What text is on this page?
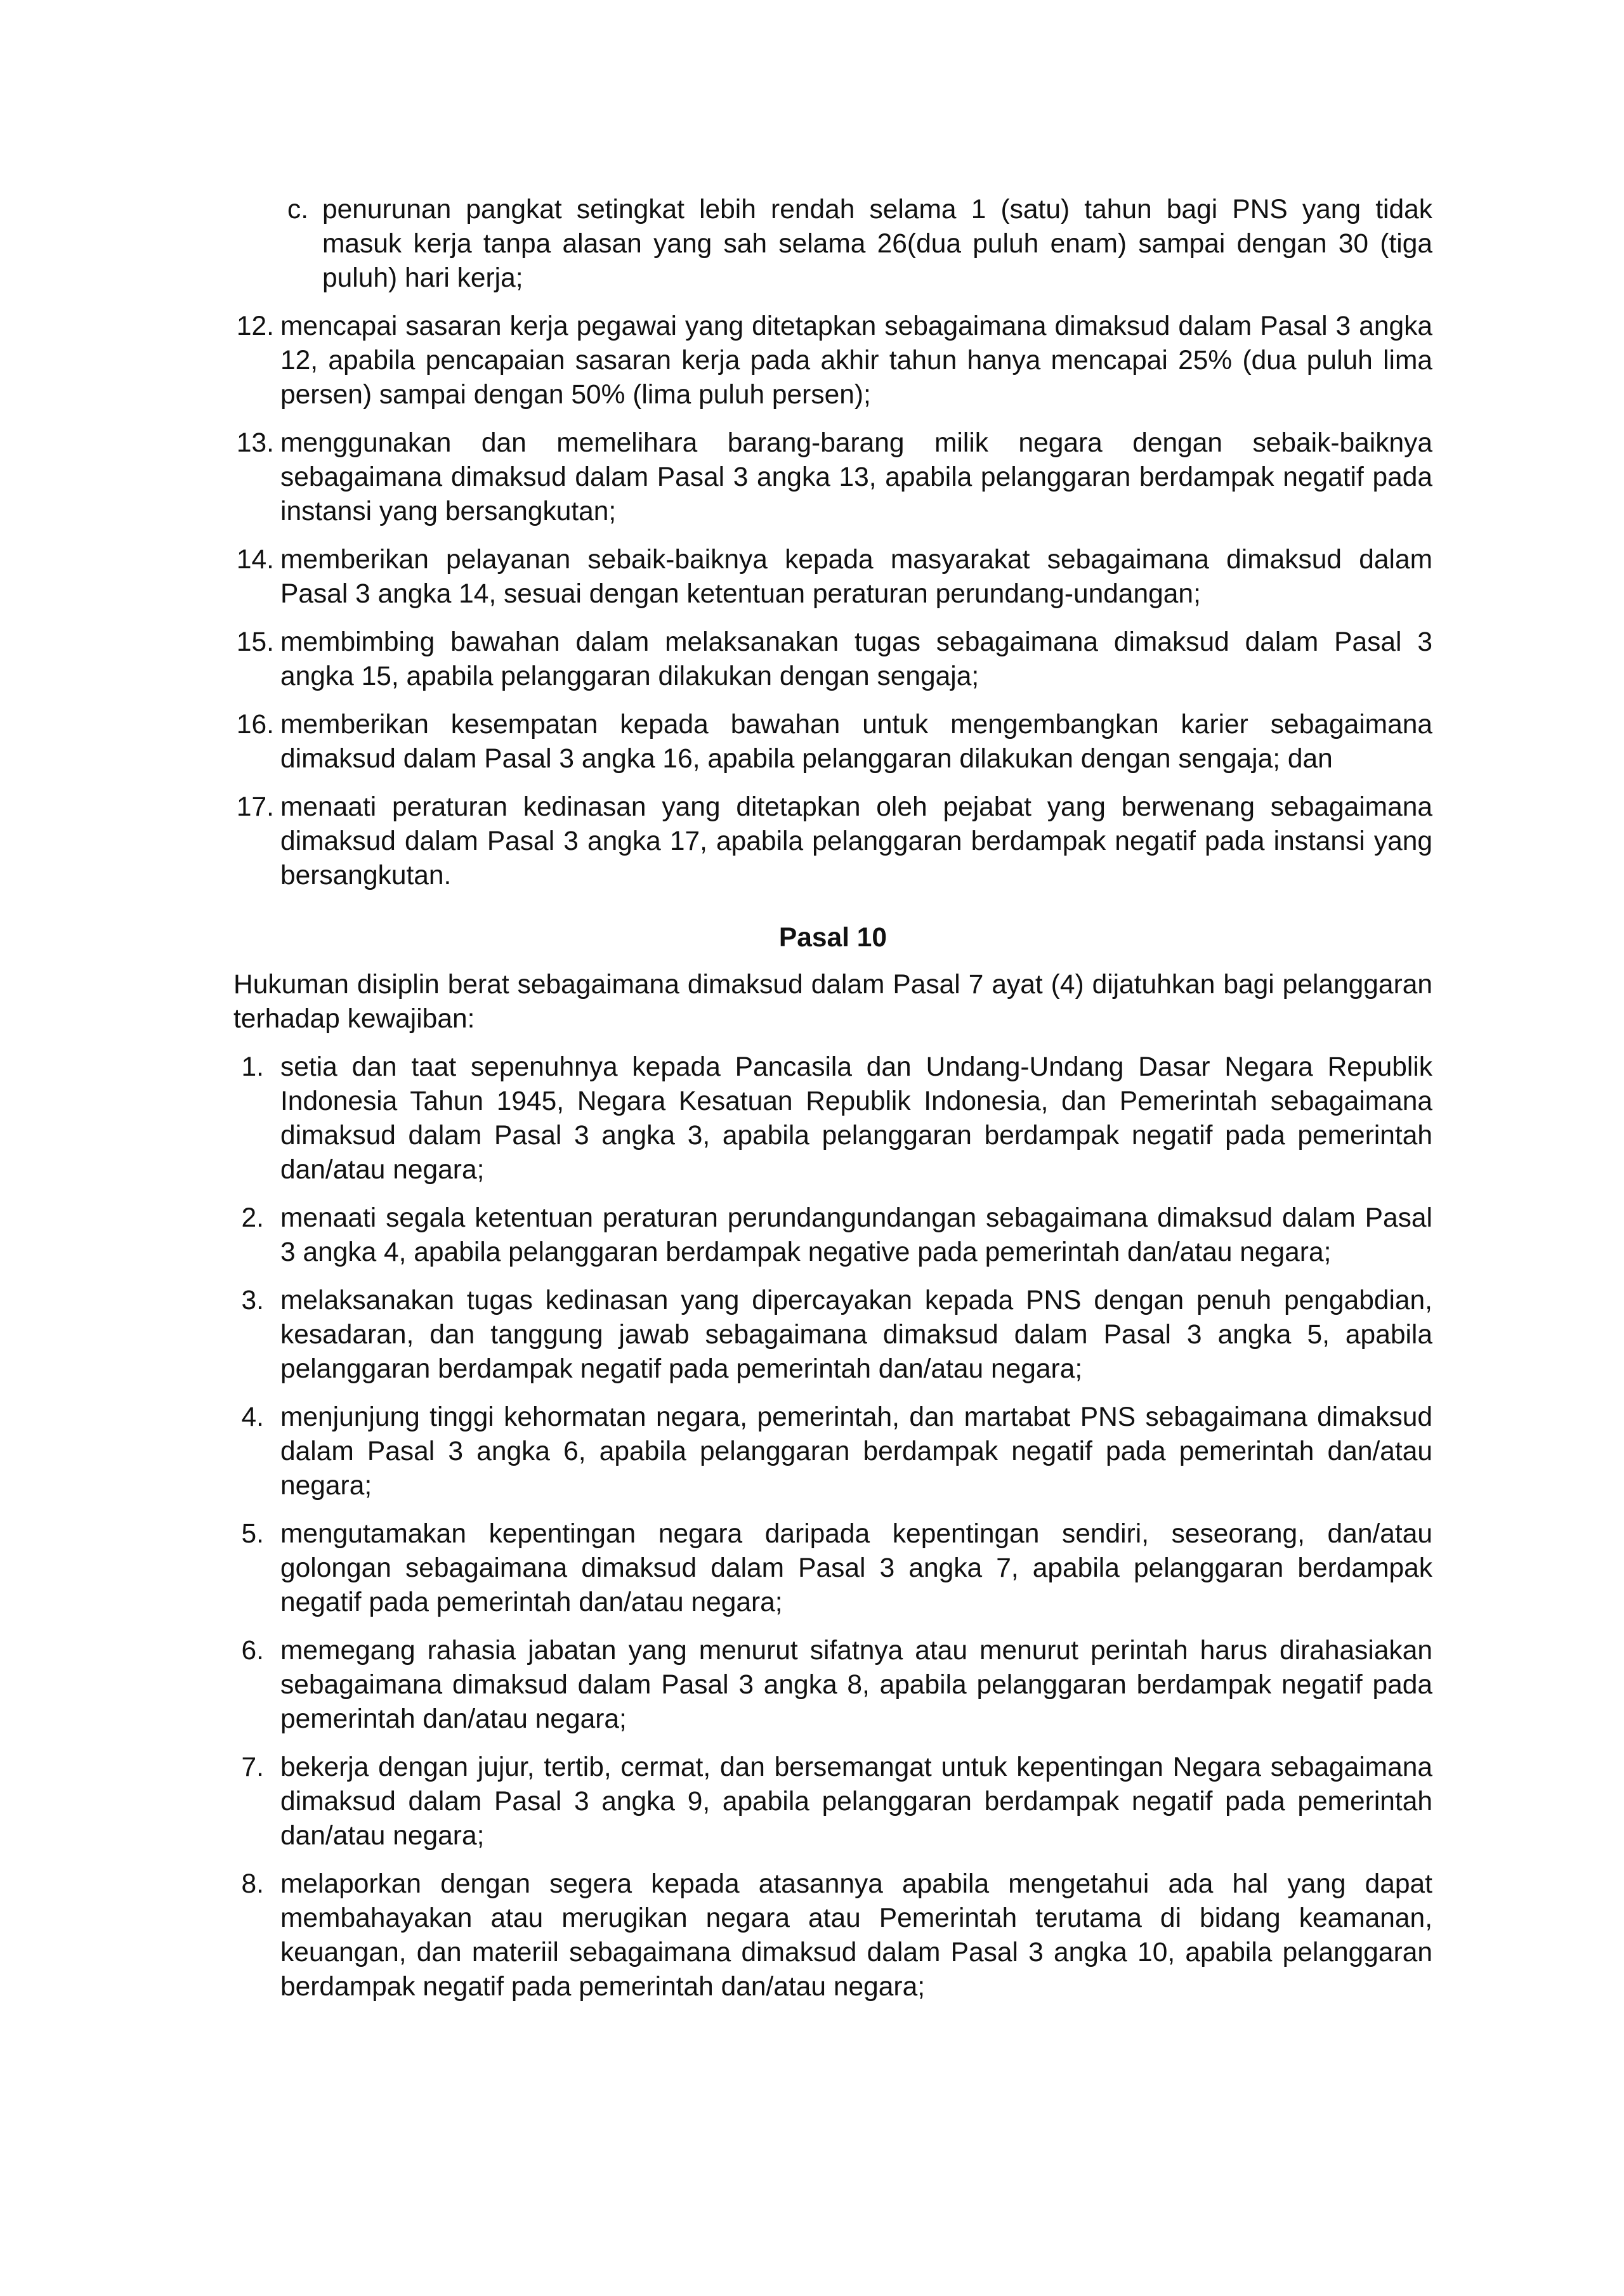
c. penurunan pangkat setingkat lebih rendah selama 1 (satu) tahun bagi PNS yang tidak masuk kerja tanpa alasan yang sah selama 26(dua puluh enam) sampai dengan 30 (tiga puluh) hari kerja;
12. mencapai sasaran kerja pegawai yang ditetapkan sebagaimana dimaksud dalam Pasal 3 angka 12, apabila pencapaian sasaran kerja pada akhir tahun hanya mencapai 25% (dua puluh lima persen) sampai dengan 50% (lima puluh persen);
13. menggunakan dan memelihara barang-barang milik negara dengan sebaik-baiknya sebagaimana dimaksud dalam Pasal 3 angka 13, apabila pelanggaran berdampak negatif pada instansi yang bersangkutan;
14. memberikan pelayanan sebaik-baiknya kepada masyarakat sebagaimana dimaksud dalam Pasal 3 angka 14, sesuai dengan ketentuan peraturan perundang-undangan;
15. membimbing bawahan dalam melaksanakan tugas sebagaimana dimaksud dalam Pasal 3 angka 15, apabila pelanggaran dilakukan dengan sengaja;
16. memberikan kesempatan kepada bawahan untuk mengembangkan karier sebagaimana dimaksud dalam Pasal 3 angka 16, apabila pelanggaran dilakukan dengan sengaja; dan
17. menaati peraturan kedinasan yang ditetapkan oleh pejabat yang berwenang sebagaimana dimaksud dalam Pasal 3 angka 17, apabila pelanggaran berdampak negatif pada instansi yang bersangkutan.
Pasal 10
Hukuman disiplin berat sebagaimana dimaksud dalam Pasal 7 ayat (4) dijatuhkan bagi pelanggaran terhadap kewajiban:
1. setia dan taat sepenuhnya kepada Pancasila dan Undang-Undang Dasar Negara Republik Indonesia Tahun 1945, Negara Kesatuan Republik Indonesia, dan Pemerintah sebagaimana dimaksud dalam Pasal 3 angka 3, apabila pelanggaran berdampak negatif pada pemerintah dan/atau negara;
2. menaati segala ketentuan peraturan perundangundangan sebagaimana dimaksud dalam Pasal 3 angka 4, apabila pelanggaran berdampak negative pada pemerintah dan/atau negara;
3. melaksanakan tugas kedinasan yang dipercayakan kepada PNS dengan penuh pengabdian, kesadaran, dan tanggung jawab sebagaimana dimaksud dalam Pasal 3 angka 5, apabila pelanggaran berdampak negatif pada pemerintah dan/atau negara;
4. menjunjung tinggi kehormatan negara, pemerintah, dan martabat PNS sebagaimana dimaksud dalam Pasal 3 angka 6, apabila pelanggaran berdampak negatif pada pemerintah dan/atau negara;
5. mengutamakan kepentingan negara daripada kepentingan sendiri, seseorang, dan/atau golongan sebagaimana dimaksud dalam Pasal 3 angka 7, apabila pelanggaran berdampak negatif pada pemerintah dan/atau negara;
6. memegang rahasia jabatan yang menurut sifatnya atau menurut perintah harus dirahasiakan sebagaimana dimaksud dalam Pasal 3 angka 8, apabila pelanggaran berdampak negatif pada pemerintah dan/atau negara;
7. bekerja dengan jujur, tertib, cermat, dan bersemangat untuk kepentingan Negara sebagaimana dimaksud dalam Pasal 3 angka 9, apabila pelanggaran berdampak negatif pada pemerintah dan/atau negara;
8. melaporkan dengan segera kepada atasannya apabila mengetahui ada hal yang dapat membahayakan atau merugikan negara atau Pemerintah terutama di bidang keamanan, keuangan, dan materiil sebagaimana dimaksud dalam Pasal 3 angka 10, apabila pelanggaran berdampak negatif pada pemerintah dan/atau negara;
